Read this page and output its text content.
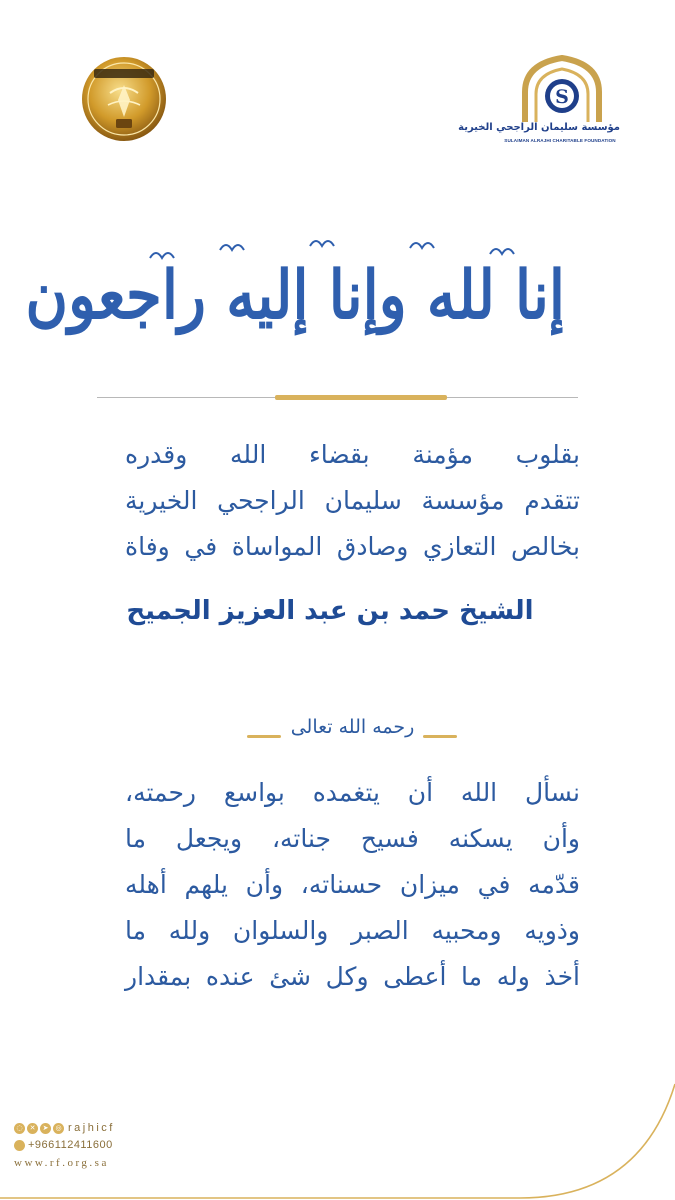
S
مؤسسة سليمان الراجحي الخيرية
SULAIMAN ALRAJHI CHARITABLE FOUNDATION
إنا لله وإنا إليه راجعون
بقلوب مؤمنة بقضاء الله وقدره
تتقدم مؤسسة سليمان الراجحي الخيرية
بخالص التعازي وصادق المواساة في وفاة
الشيخ حمد بن عبد العزيز الجميح
رحمه الله تعالى
نسأل الله أن يتغمده بواسع رحمته،
وأن يسكنه فسيح جناته، ويجعل ما
قدّمه في ميزان حسناته، وأن يلهم أهله
وذويه ومحبيه الصبر والسلوان ولله ما
أخذ وله ما أعطى وكل شئ عنده بمقدار
◌	✕	➤	◎ rajhicf
+966112411600
www.rf.org.sa
